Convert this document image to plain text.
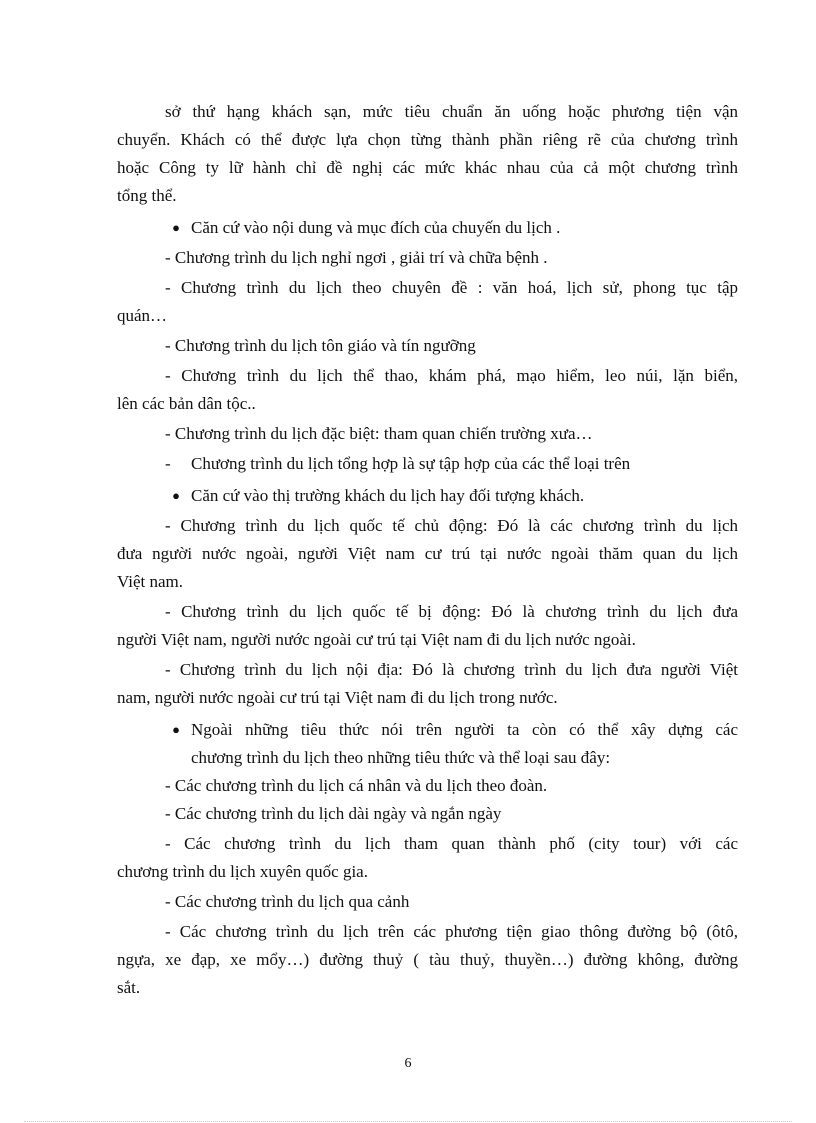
sở thứ hạng khách sạn, mức tiêu chuẩn ăn uống hoặc phương tiện vận
chuyển. Khách có thể được lựa chọn từng thành phần riêng rẽ của chương trình
hoặc Công ty lữ hành chỉ đề nghị các mức khác nhau của cả một chương trình
tổng thể.
● Căn cứ vào nội dung và mục đích của chuyến du lịch .
- Chương trình du lịch nghỉ ngơi , giải trí và chữa bệnh .
- Chương trình du lịch theo chuyên đề : văn hoá, lịch sử, phong tục tập
quán…
- Chương trình du lịch tôn giáo và tín ngưỡng
- Chương trình du lịch thể thao, khám phá, mạo hiểm, leo núi, lặn biển,
lên các bản dân tộc..
- Chương trình du lịch đặc biệt: tham quan chiến trường xưa…
- Chương trình du lịch tổng hợp là sự tập hợp của các thể loại trên
● Căn cứ vào thị trường khách du lịch hay đối tượng khách.
- Chương trình du lịch quốc tế chủ động: Đó là các chương trình du lịch
đưa người nước ngoài, người Việt nam cư trú tại nước ngoài thăm quan du lịch
Việt nam.
- Chương trình du lịch quốc tế bị động: Đó là chương trình du lịch đưa
người Việt nam, người nước ngoài cư trú tại Việt nam đi du lịch nước ngoài.
- Chương trình du lịch nội địa: Đó là chương trình du lịch đưa người Việt
nam, người nước ngoài cư trú tại Việt nam đi du lịch trong nước.
● Ngoài những tiêu thức nói trên người ta còn có thể xây dựng các
chương trình du lịch theo những tiêu thức và thể loại sau đây:
- Các chương trình du lịch cá nhân và du lịch theo đoàn.
- Các chương trình du lịch dài ngày và ngắn ngày
- Các chương trình du lịch tham quan thành phố (city tour) với các
chương trình du lịch xuyên quốc gia.
- Các chương trình du lịch qua cảnh
- Các chương trình du lịch trên các phương tiện giao thông đường bộ (ôtô,
ngựa, xe đạp, xe mổy…) đường thuỷ ( tàu thuỷ, thuyền…) đường không, đường
sắt.
6
